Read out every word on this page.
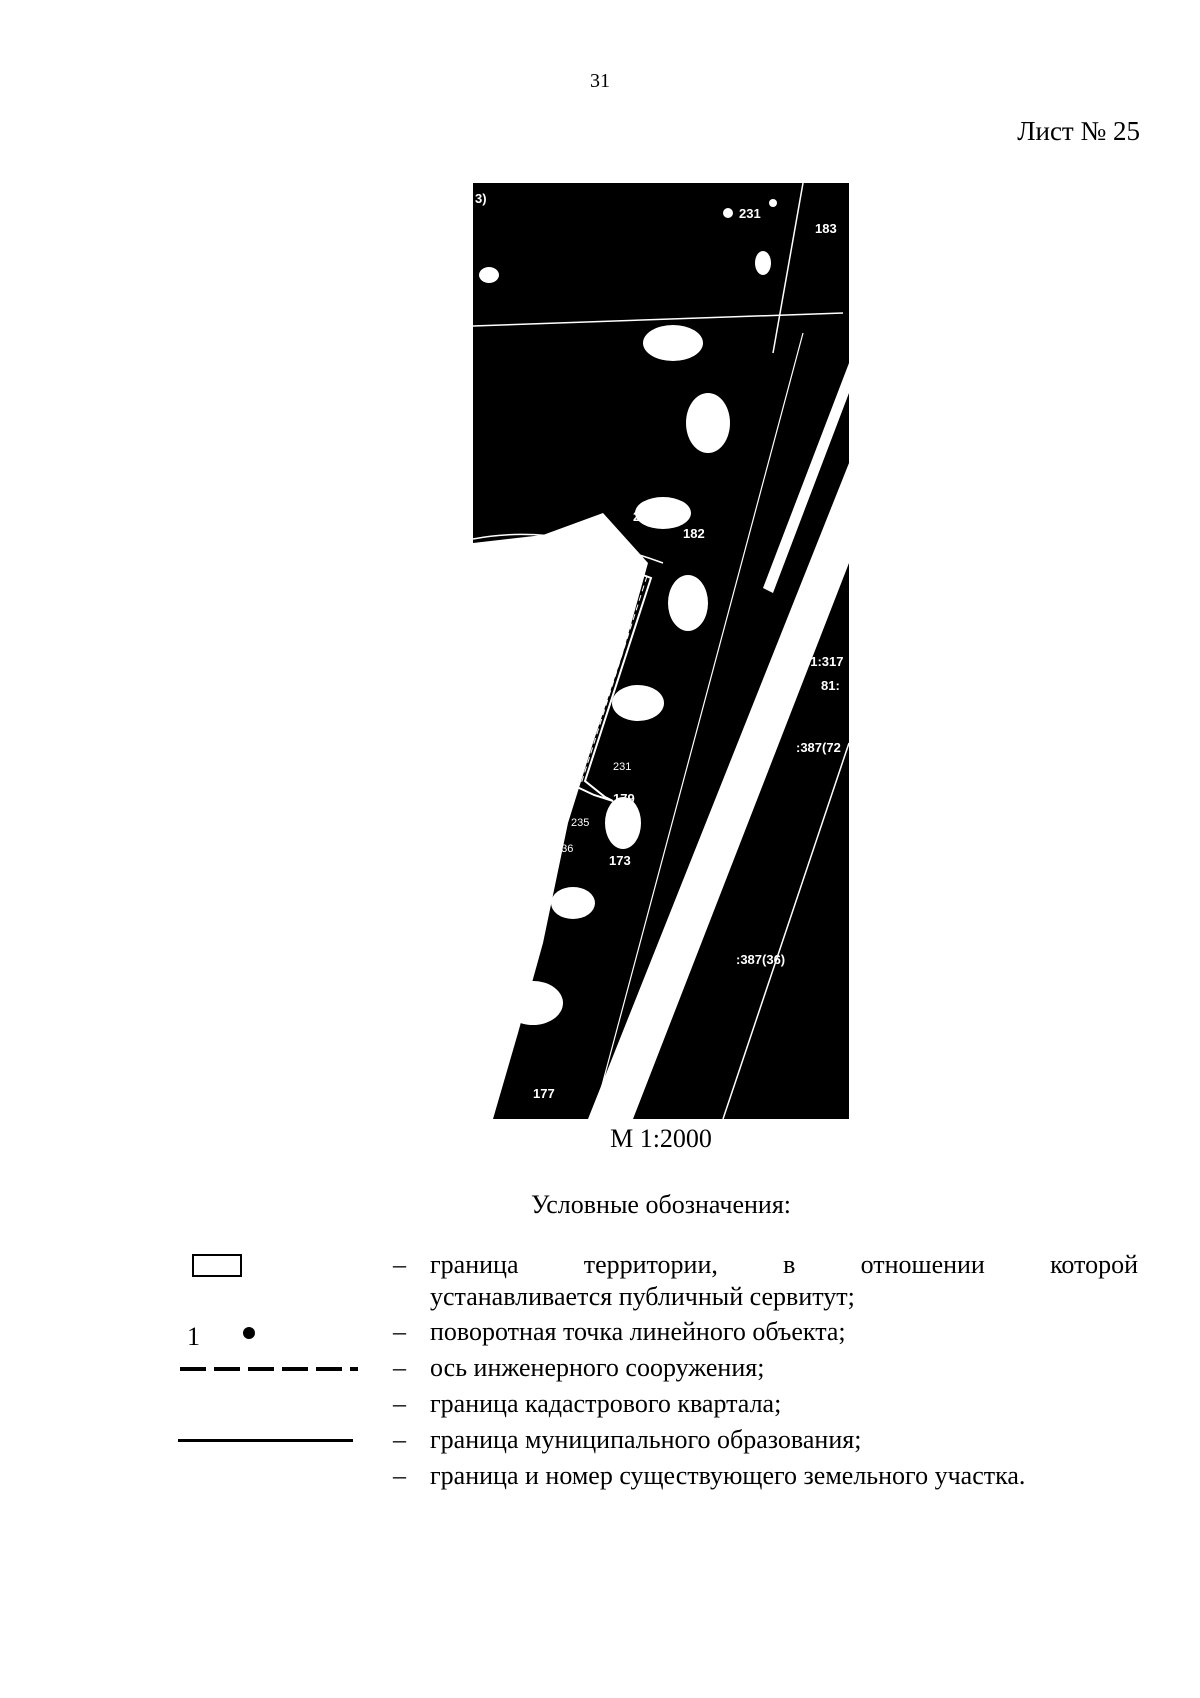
31
Лист № 25
3)
231
183
232
182
81:317
81:
:387(72
233	231
234
235
179
173
236
:387(36)
2:7
177
М 1:2000
Условные обозначения:
1
– граница	территории,	в	отношении	которой
устанавливается публичный сервитут;
– поворотная точка линейного объекта;
– ось инженерного сооружения;
– граница кадастрового квартала;
– граница муниципального образования;
– граница и номер существующего земельного участка.
